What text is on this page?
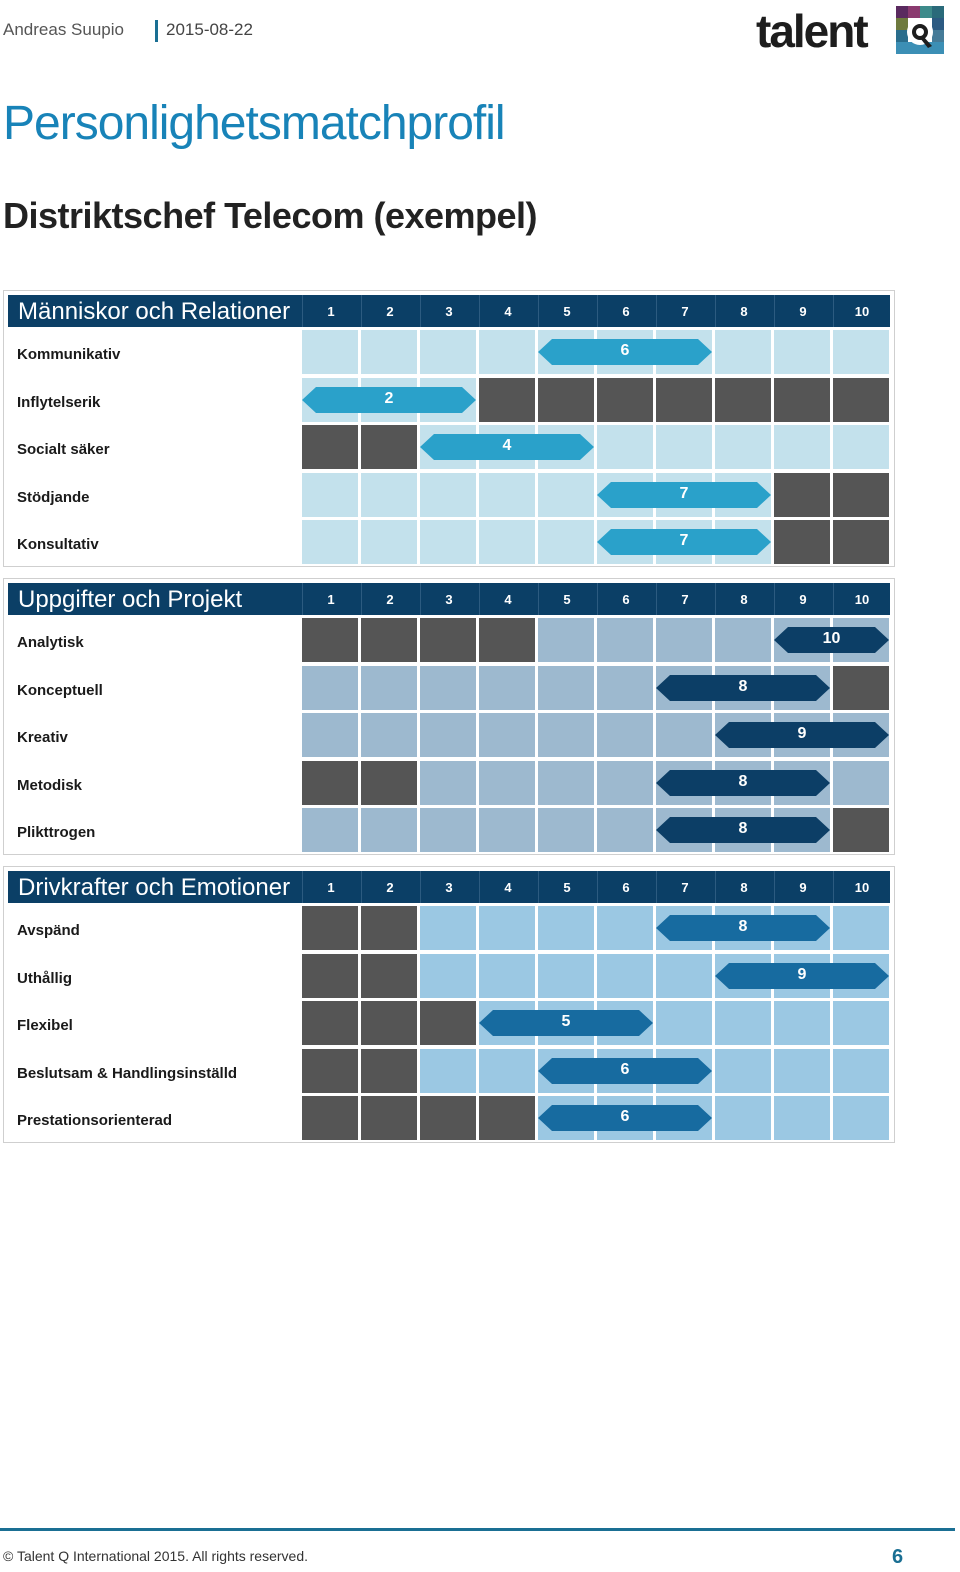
Andreas Suupio 2015-08-22	talent
Personlighetsmatchprofil
Distriktschef Telecom (exempel)
Människor och Relationer	1	2	3	4	5	6	7	8	9	10
Kommunikativ	6
Inflytelserik	2
Socialt säker	4
Stödjande	7
Konsultativ	7
Uppgifter och Projekt	1	2	3	4	5	6	7	8	9	10
Analytisk	10
Konceptuell	8
Kreativ	9
Metodisk	8
Plikttrogen	8
Drivkrafter och Emotioner	1	2	3	4	5	6	7	8	9	10
Avspänd	8
Uthållig	9
Flexibel	5
Beslutsam & Handlingsinställd	6
Prestationsorienterad	6
© Talent Q International 2015. All rights reserved.	6
